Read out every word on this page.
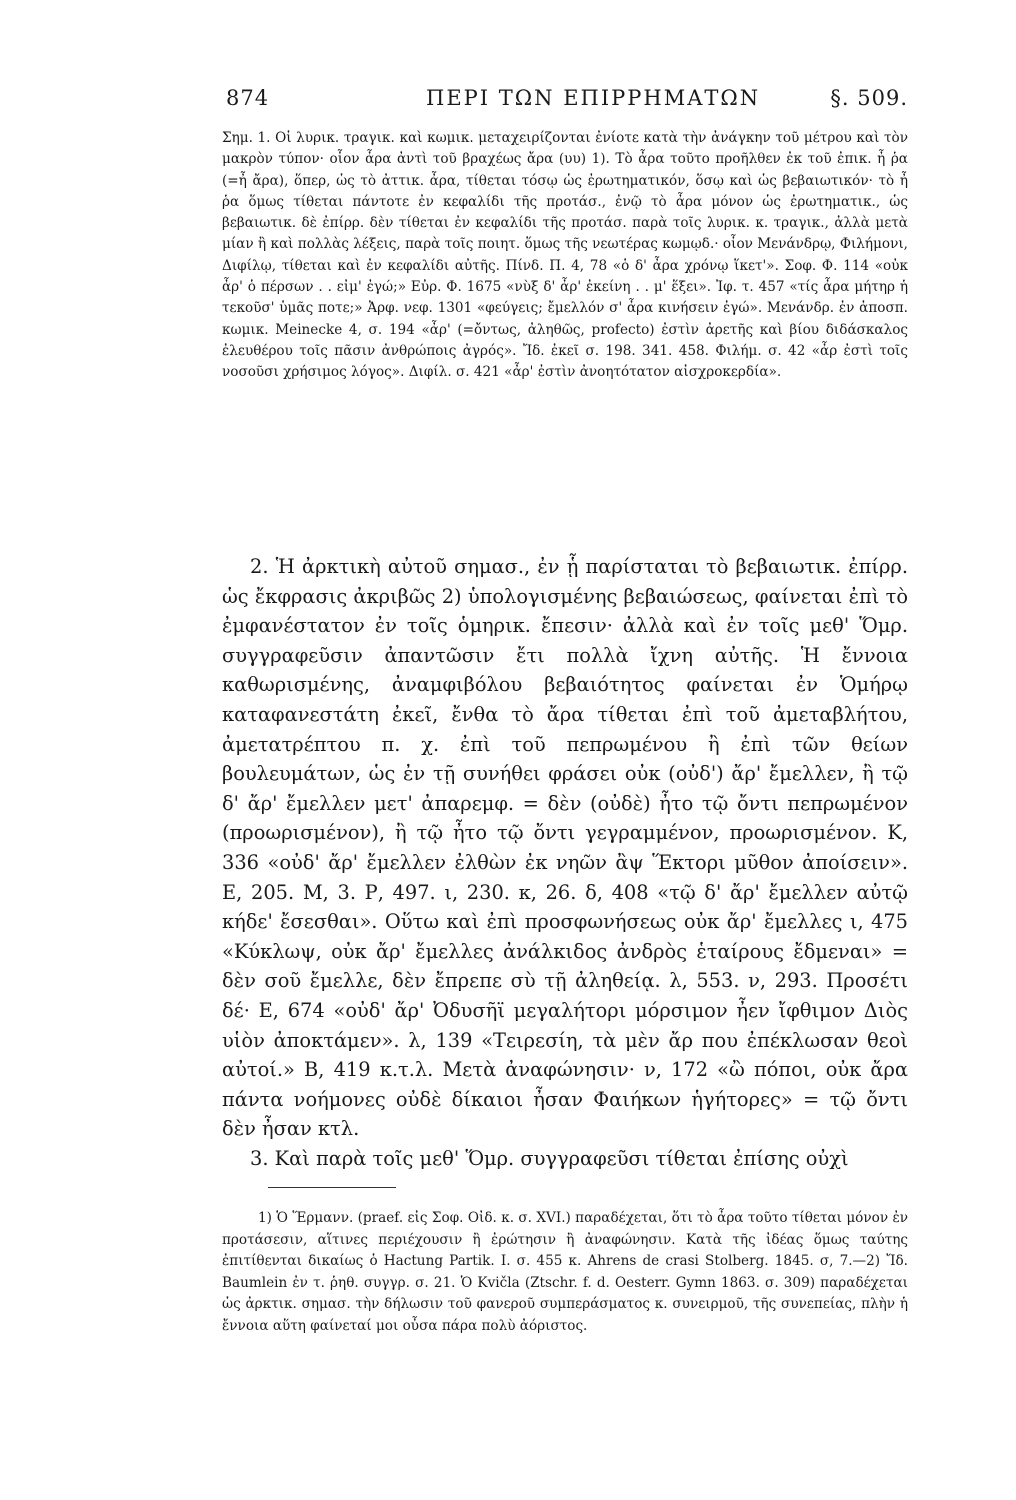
874	ΠΕΡΙ ΤΩΝ ΕΠΙΡΡΗΜΑΤΩΝ	§. 509.

Σημ. 1. Οἱ λυρικ. τραγικ. καὶ κωμικ. μεταχειρίζονται ἐνίοτε κατὰ τὴν ἀνάγκην τοῦ μέτρου καὶ τὸν μακρὸν τύπον· οἷον ἆρα ἀντὶ τοῦ βραχέως ἄρα (υυ) 1). Τὸ ἆρα τοῦτο προῆλθεν ἐκ τοῦ ἐπικ. ἦ ῥα (=ἦ ἄρα), ὅπερ, ὡς τὸ ἀττικ. ἆρα, τίθεται τόσῳ ὡς ἐρωτηματικόν, ὅσῳ καὶ ὡς βεβαιωτικόν· τὸ ἦ ῥα ὅμως τίθεται πάντοτε ἐν κεφαλίδι τῆς προτάσ., ἐνῷ τὸ ἆρα μόνον ὡς ἐρωτηματικ., ὡς βεβαιωτικ. δὲ ἐπίρρ. δὲν τίθεται ἐν κεφαλίδι τῆς προτάσ. παρὰ τοῖς λυρικ. κ. τραγικ., ἀλλὰ μετὰ μίαν ἢ καὶ πολλὰς λέξεις, παρὰ τοῖς ποιητ. ὅμως τῆς νεωτέρας κωμῳδ.· οἷον Μενάνδρῳ, Φιλήμονι, Διφίλῳ, τίθεται καὶ ἐν κεφαλίδι αὐτῆς. Πίνδ. Π. 4, 78 «ὁ δ' ἆρα χρόνῳ ἵκετ'». Σοφ. Φ. 114 «οὐκ ἆρ' ὁ πέρσων . . εἰμ' ἐγώ;» Εὐρ. Φ. 1675 «νὺξ δ' ἆρ' ἐκείνη . . μ' ἕξει». Ἰφ. τ. 457 «τίς ἆρα μήτηρ ἡ τεκοῦσ' ὑμᾶς ποτε;» Ἀρφ. νεφ. 1301 «φεύγεις; ἔμελλόν σ' ἆρα κινήσειν ἐγώ». Μενάνδρ. ἐν ἀποσπ. κωμικ. Meinecke 4, σ. 194 «ἆρ' (=ὄντως, ἀληθῶς, profecto) ἐστὶν ἀρετῆς καὶ βίου διδάσκαλος ἐλευθέρου τοῖς πᾶσιν ἀνθρώποις ἀγρός». Ἴδ. ἐκεῖ σ. 198. 341. 458. Φιλήμ. σ. 42 «ἆρ ἐστὶ τοῖς νοσοῦσι χρήσιμος λόγος». Διφίλ. σ. 421 «ἆρ' ἐστὶν ἀνοητότατον αἰσχροκερδία».

2. Ἡ ἀρκτικὴ αὐτοῦ σημασ., ἐν ᾗ παρίσταται τὸ βεβαιωτικ. ἐπίρρ. ὡς ἔκφρασις ἀκριβῶς 2) ὑπολογισμένης βεβαιώσεως, φαίνεται ἐπὶ τὸ ἐμφανέστατον ἐν τοῖς ὁμηρικ. ἔπεσιν· ἀλλὰ καὶ ἐν τοῖς μεθ' Ὅμρ. συγγραφεῦσιν ἀπαντῶσιν ἔτι πολλὰ ἴχνη αὐτῆς. Ἡ ἔννοια καθωρισμένης, ἀναμφιβόλου βεβαιότητος φαίνεται ἐν Ὁμήρῳ καταφανεστάτη ἐκεῖ, ἔνθα τὸ ἄρα τίθεται ἐπὶ τοῦ ἀμεταβλήτου, ἀμετατρέπτου π. χ. ἐπὶ τοῦ πεπρωμένου ἢ ἐπὶ τῶν θείων βουλευμάτων, ὡς ἐν τῇ συνήθει φράσει οὐκ (οὐδ') ἄρ' ἔμελλεν, ἢ τῷ δ' ἄρ' ἔμελλεν μετ' ἀπαρεμφ. = δὲν (οὐδὲ) ἦτο τῷ ὄντι πεπρωμένον (προωρισμένον), ἢ τῷ ἦτο τῷ ὄντι γεγραμμένον, προωρισμένον. Κ, 336 «οὐδ' ἄρ' ἔμελλεν ἐλθὼν ἐκ νηῶν ἂψ Ἕκτορι μῦθον ἀποίσειν». Ε, 205. Μ, 3. Ρ, 497. ι, 230. κ, 26. δ, 408 «τῷ δ' ἄρ' ἔμελλεν αὐτῷ κήδε' ἔσεσθαι». Οὕτω καὶ ἐπὶ προσφωνήσεως οὐκ ἄρ' ἔμελλες ι, 475 «Κύκλωψ, οὐκ ἄρ' ἔμελλες ἀνάλκιδος ἀνδρὸς ἑταίρους ἔδμεναι» = δὲν σοῦ ἔμελλε, δὲν ἔπρεπε σὺ τῇ ἀληθείᾳ. λ, 553. ν, 293. Προσέτι δέ· Ε, 674 «οὐδ' ἄρ' Ὀδυσῆϊ μεγαλήτορι μόρσιμον ἦεν ἴφθιμον Διὸς υἱὸν ἀποκτάμεν». λ, 139 «Τειρεσίη, τὰ μὲν ἄρ που ἐπέκλωσαν θεοὶ αὐτοί.» Β, 419 κ.τ.λ. Μετὰ ἀναφώνησιν· ν, 172 «ὢ πόποι, οὐκ ἄρα πάντα νοήμονες οὐδὲ δίκαιοι ἦσαν Φαιήκων ἡγήτορες» = τῷ ὄντι δὲν ἦσαν κτλ.

3. Καὶ παρὰ τοῖς μεθ' Ὅμρ. συγγραφεῦσι τίθεται ἐπίσης οὐχὶ

1) Ὁ Ἕρμανν. (praef. εἰς Σοφ. Οἰδ. κ. σ. XVI.) παραδέχεται, ὅτι τὸ ἆρα τοῦτο τίθεται μόνον ἐν προτάσεσιν, αἵτινες περιέχουσιν ἢ ἐρώτησιν ἢ ἀναφώνησιν. Κατὰ τῆς ἰδέας ὅμως ταύτης ἐπιτίθενται δικαίως ὁ Hactung Partik. I. σ. 455 κ. Ahrens de crasi Stolberg. 1845. σ, 7.—2) Ἴδ. Baumlein ἐν τ. ῥηθ. συγγρ. σ. 21. Ὁ Kvičla (Ztschr. f. d. Oesterr. Gymn 1863. σ. 309) παραδέχεται ὡς ἀρκτικ. σημασ. τὴν δήλωσιν τοῦ φανεροῦ συμπεράσματος κ. συνειρμοῦ, τῆς συνεπείας, πλὴν ἡ ἔννοια αὕτη φαίνεταί μοι οὖσα πάρα πολὺ ἀόριστος.
